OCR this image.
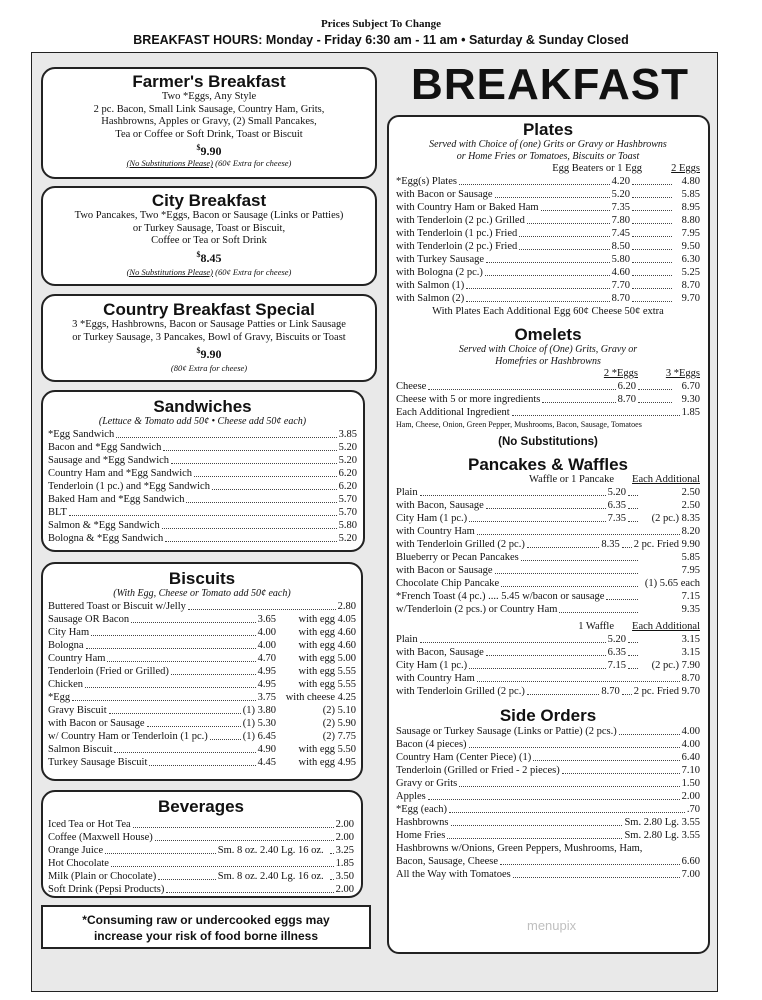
Prices Subject To Change
BREAKFAST HOURS: Monday - Friday 6:30 am - 11 am • Saturday & Sunday Closed
Farmer's Breakfast
Two *Eggs, Any Style
2 pc. Bacon, Small Link Sausage, Country Ham, Grits,
Hashbrowns, Apples or Gravy, (2) Small Pancakes,
Tea or Coffee or Soft Drink, Toast or Biscuit
$9.90
(No Substitutions Please) (60¢ Extra for cheese)
City Breakfast
Two Pancakes, Two *Eggs, Bacon or Sausage (Links or Patties)
or Turkey Sausage, Toast or Biscuit,
Coffee or Tea or Soft Drink
$8.45
(No Substitutions Please) (60¢ Extra for cheese)
Country Breakfast Special
3 *Eggs, Hashbrowns, Bacon or Sausage Patties or Link Sausage
or Turkey Sausage, 3 Pancakes, Bowl of Gravy, Biscuits or Toast
$9.90
(80¢ Extra for cheese)
Sandwiches
(Lettuce & Tomato add 50¢ • Cheese add 50¢ each)
*Egg Sandwich	3.85
Bacon and *Egg Sandwich	5.20
Sausage and *Egg Sandwich	5.20
Country Ham and *Egg Sandwich	6.20
Tenderloin (1 pc.) and *Egg Sandwich	6.20
Baked Ham and *Egg Sandwich	5.70
BLT	5.70
Salmon & *Egg Sandwich	5.80
Bologna & *Egg Sandwich	5.20
Biscuits
(With Egg, Cheese or Tomato add 50¢ each)
Buttered Toast or Biscuit w/Jelly	2.80
Sausage OR Bacon	3.65	with egg 4.05
City Ham	4.00	with egg 4.60
Bologna	4.00	with egg 4.60
Country Ham	4.70	with egg 5.00
Tenderloin (Fried or Grilled)	4.95	with egg 5.55
Chicken	4.95	with egg 5.55
*Egg	3.75 with cheese 4.25
Gravy Biscuit	(1) 3.80	(2) 5.10
with Bacon or Sausage	(1) 5.30	(2) 5.90
w/ Country Ham or Tenderloin (1 pc.)	(1) 6.45	(2) 7.75
Salmon Biscuit	4.90	with egg 5.50
Turkey Sausage Biscuit	4.45	with egg 4.95
Beverages
Iced Tea or Hot Tea	2.00
Coffee (Maxwell House)	2.00
Orange Juice	Sm. 8 oz. 2.40 Lg. 16 oz.	3.25
Hot Chocolate	1.85
Milk (Plain or Chocolate)	Sm. 8 oz. 2.40 Lg. 16 oz.	3.50
Soft Drink (Pepsi Products)	2.00
*Consuming raw or undercooked eggs may
increase your risk of food borne illness
BREAKFAST
Plates
Served with Choice of (one) Grits or Gravy or Hashbrowns
or Home Fries or Tomatoes, Biscuits or Toast
Egg Beaters or 1 Egg	2 Eggs
*Egg(s) Plates	4.20	4.80
with Bacon or Sausage	5.20	5.85
with Country Ham or Baked Ham	7.35	8.95
with Tenderloin (2 pc.) Grilled	7.80	8.80
with Tenderloin (1 pc.) Fried	7.45	7.95
with Tenderloin (2 pc.) Fried	8.50	9.50
with Turkey Sausage	5.80	6.30
with Bologna (2 pc.)	4.60	5.25
with Salmon (1)	7.70	8.70
with Salmon (2)	8.70	9.70
With Plates Each Additional Egg 60¢ Cheese 50¢ extra
Omelets
Served with Choice of (One) Grits, Gravy or
Homefries or Hashbrowns
2 *Eggs	3 *Eggs
Cheese	6.20	6.70
Cheese with 5 or more ingredients	8.70	9.30
Each Additional Ingredient	1.85
Ham, Cheese, Onion, Green Pepper, Mushrooms, Bacon, Sausage, Tomatoes
(No Substitutions)
Pancakes & Waffles
Waffle or 1 Pancake	Each Additional
Plain	5.20	2.50
with Bacon, Sausage	6.35	2.50
City Ham (1 pc.)	7.35	(2 pc.) 8.35
with Country Ham	8.20
with Tenderloin Grilled (2 pc.)	8.35 2 pc. Fried 9.90
Blueberry or Pecan Pancakes	5.85
with Bacon or Sausage	7.95
Chocolate Chip Pancake	(1) 5.65 each
*French Toast (4 pc.) .... 5.45 w/bacon or sausage	7.15
w/Tenderloin (2 pcs.) or Country Ham	9.35
1 Waffle	Each Additional
Plain	5.20	3.15
with Bacon, Sausage	6.35	3.15
City Ham (1 pc.)	7.15	(2 pc.) 7.90
with Country Ham	8.70
with Tenderloin Grilled (2 pc.)	8.70 2 pc. Fried 9.70
Side Orders
Sausage or Turkey Sausage (Links or Pattie) (2 pcs.)	4.00
Bacon (4 pieces)	4.00
Country Ham (Center Piece) (1)	6.40
Tenderloin (Grilled or Fried - 2 pieces)	7.10
Gravy or Grits	1.50
Apples	2.00
*Egg (each)	.70
Hashbrowns	Sm. 2.80 Lg. 3.55
Home Fries	Sm. 2.80 Lg. 3.55
Hashbrowns w/Onions, Green Peppers, Mushrooms, Ham,
Bacon, Sausage, Cheese	6.60
All the Way with Tomatoes	7.00
menupix
